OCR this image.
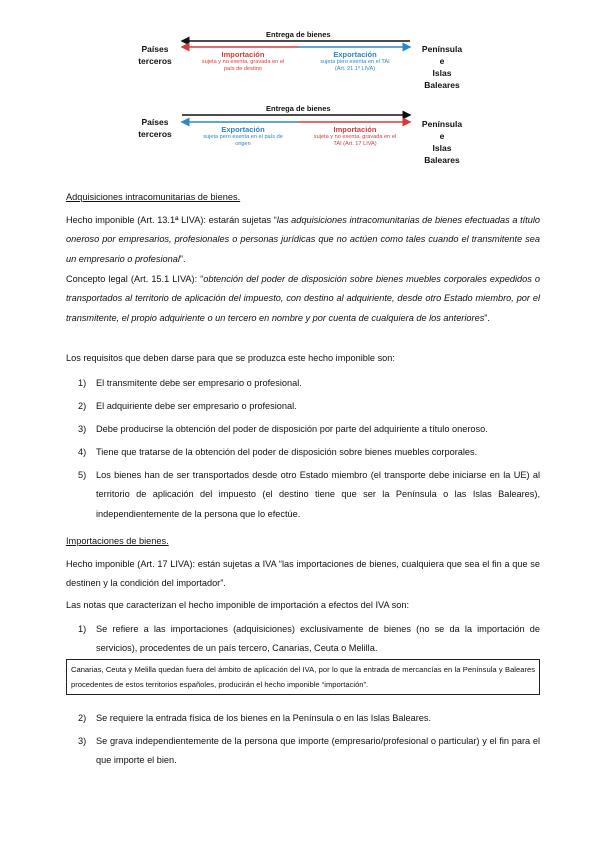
Entrega de bienes
Países
terceros
Península
e
Islas
Baleares
Importación
sujeta y no exenta, gravada en el
país de destino
Exportación
sujeta pero exenta en el TAI
(Art. 21.1º LIVA)
Entrega de bienes
Países
terceros
Península
e
Islas
Baleares
Exportación
sujeta pero exenta en el país de
origen
Importación
sujeta y no exenta, gravada en el
TAI (Art. 17 LIVA)
Adquisiciones intracomunitarias de bienes.
Hecho imponible (Art. 13.1ª LIVA): estarán sujetas “las adquisiciones intracomunitarias de bienes efectuadas a título oneroso por empresarios, profesionales o personas jurídicas que no actúen como tales cuando el transmitente sea un empresario o profesional”.
Concepto legal (Art. 15.1 LIVA): “obtención del poder de disposición sobre bienes muebles corporales expedidos o transportados al territorio de aplicación del impuesto, con destino al adquiriente, desde otro Estado miembro, por el transmitente, el propio adquiriente o un tercero en nombre y por cuenta de cualquiera de los anteriores”.
Los requisitos que deben darse para que se produzca este hecho imponible son:
1) El transmitente debe ser empresario o profesional.
2) El adquiriente debe ser empresario o profesional.
3) Debe producirse la obtención del poder de disposición por parte del adquiriente a título oneroso.
4) Tiene que tratarse de la obtención del poder de disposición sobre bienes muebles corporales.
5) Los bienes han de ser transportados desde otro Estado miembro (el transporte debe iniciarse en la UE) al territorio de aplicación del impuesto (el destino tiene que ser la Península o las Islas Baleares), independientemente de la persona que lo efectúe.
Importaciones de bienes.
Hecho imponible (Art. 17 LIVA): están sujetas a IVA “las importaciones de bienes, cualquiera que sea el fin a que se destinen y la condición del importador”.
Las notas que caracterizan el hecho imponible de importación a efectos del IVA son:
1) Se refiere a las importaciones (adquisiciones) exclusivamente de bienes (no se da la importación de servicios), procedentes de un país tercero, Canarias, Ceuta o Melilla.
Canarias, Ceuta y Melilla quedan fuera del ámbito de aplicación del IVA, por lo que la entrada de mercancías en la Península y Baleares procedentes de estos territorios españoles, producirán el hecho imponible “importación”.
2) Se requiere la entrada física de los bienes en la Península o en las Islas Baleares.
3) Se grava independientemente de la persona que importe (empresario/profesional o particular) y el fin para el que importe el bien.
